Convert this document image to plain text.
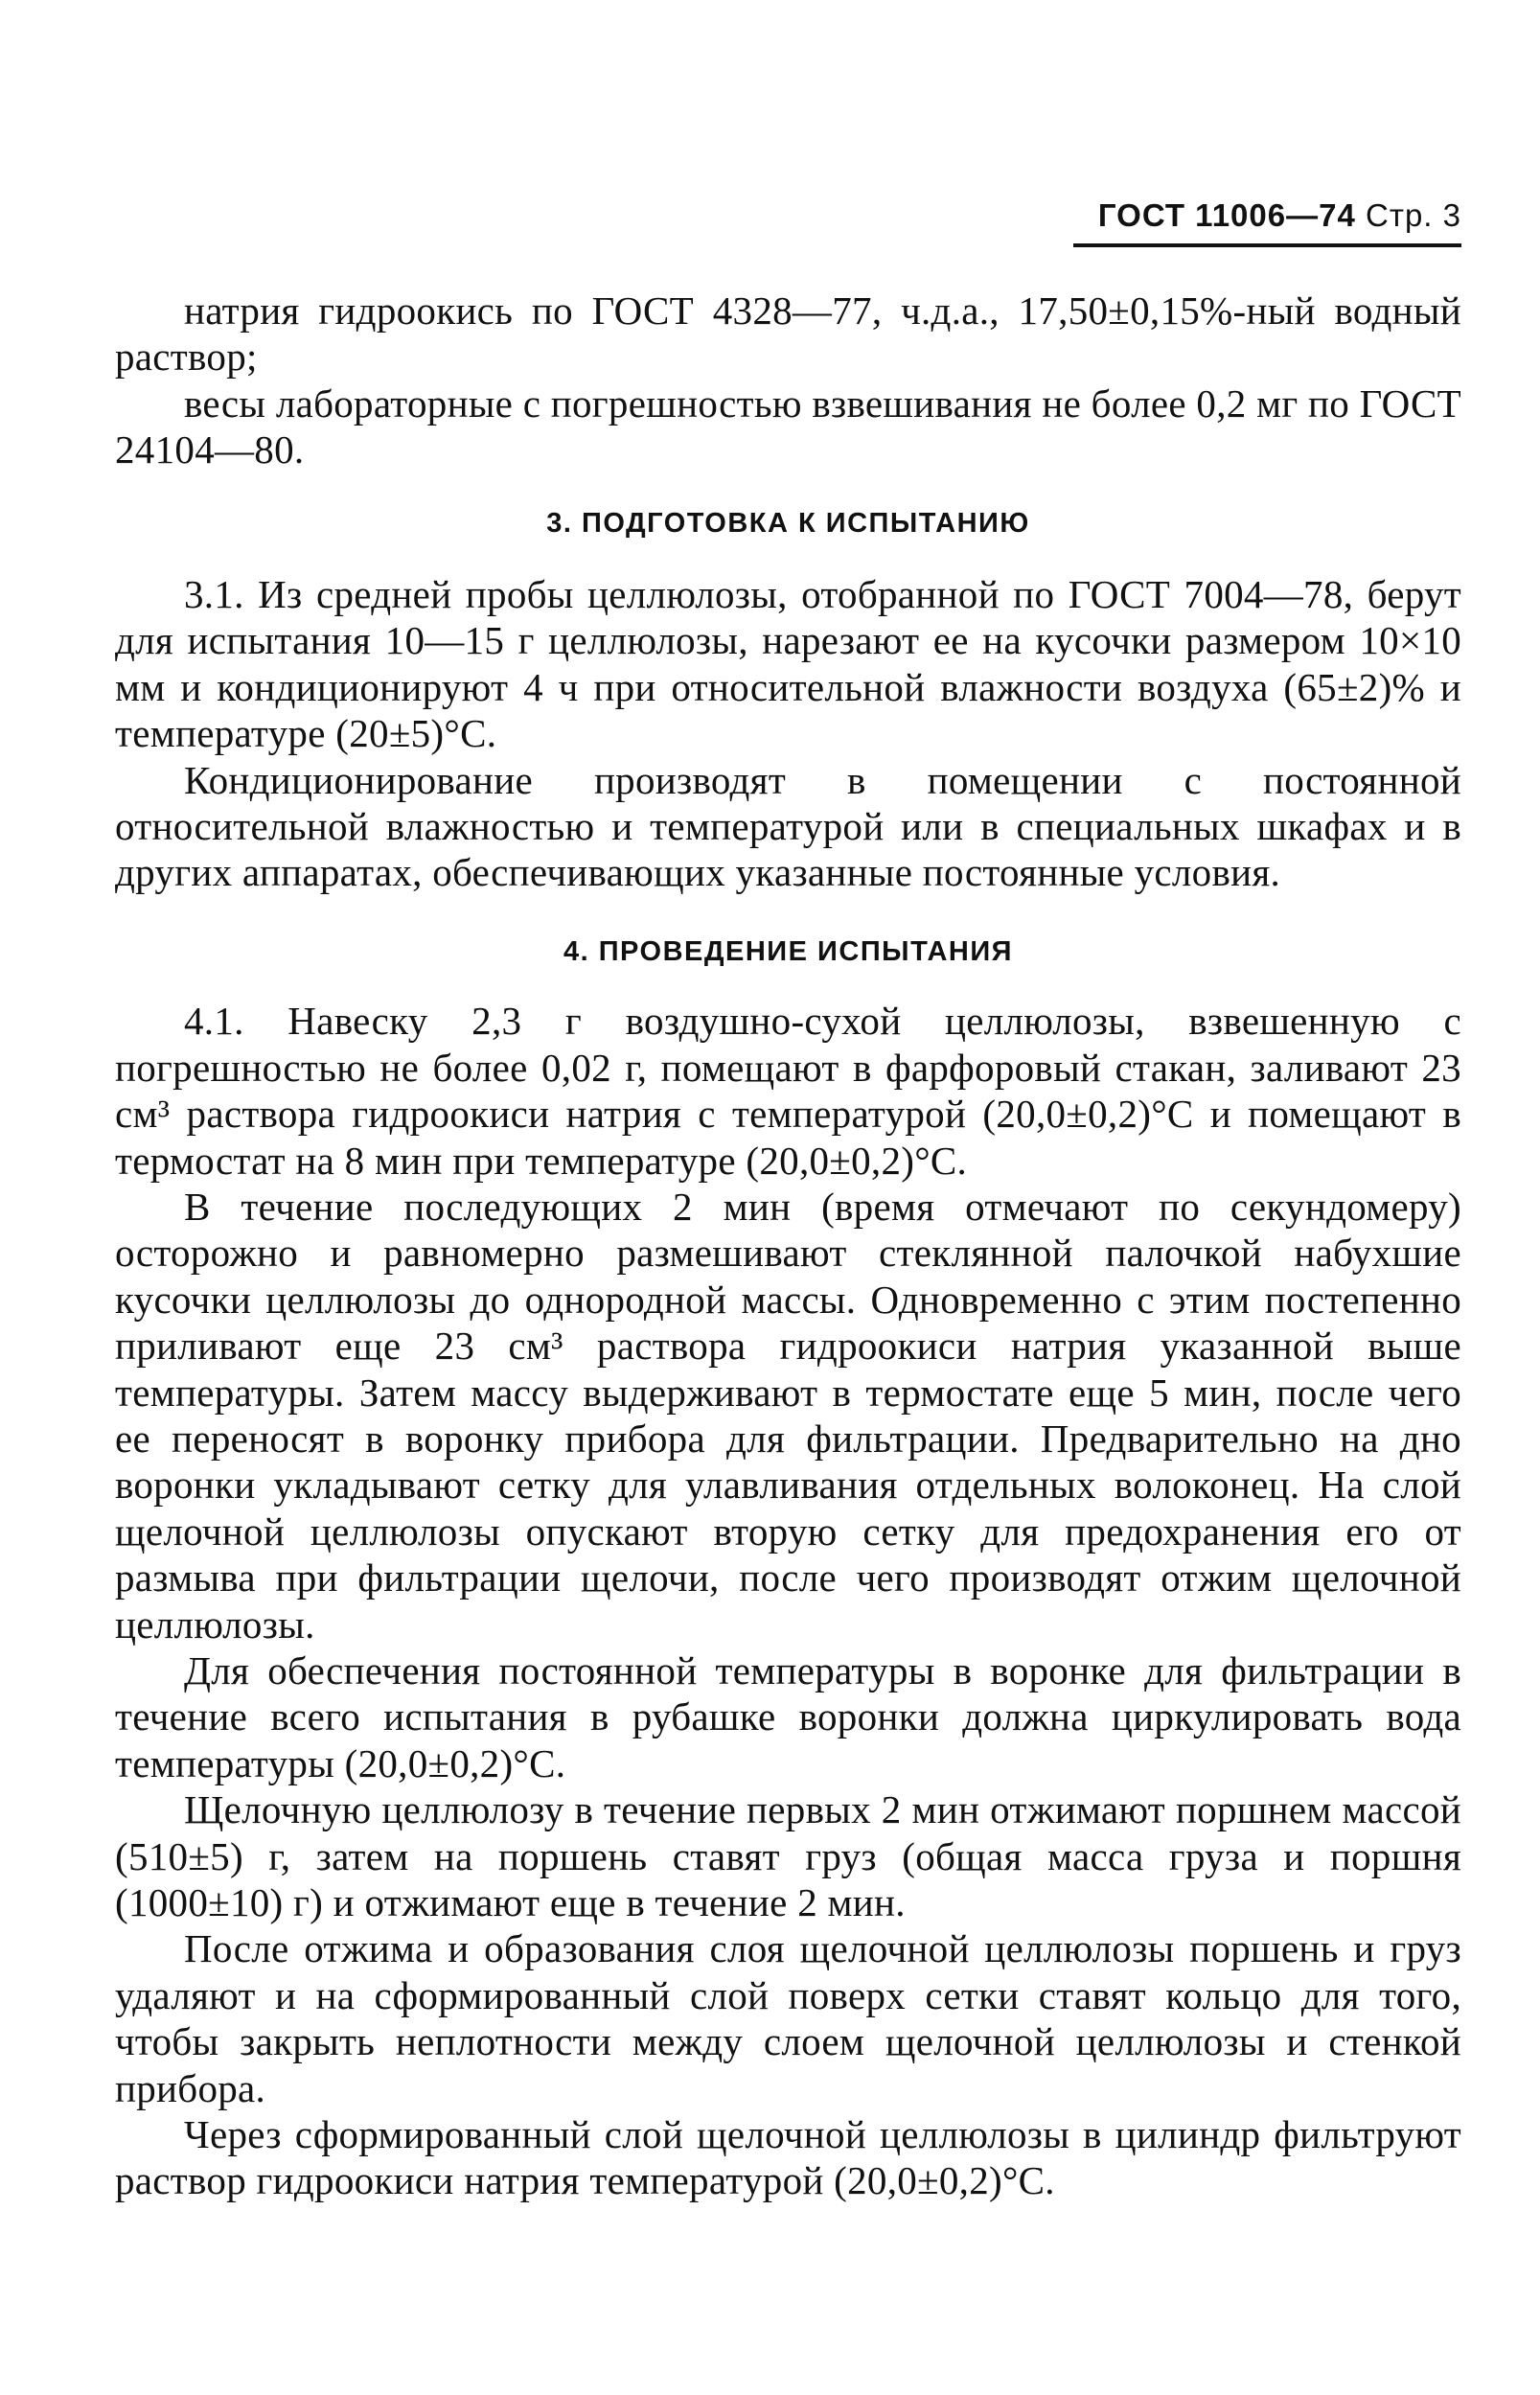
ГОСТ 11006—74 Стр. 3

натрия гидроокись по ГОСТ 4328—77, ч.д.а., 17,50±0,15%-ный водный раствор;

весы лабораторные с погрешностью взвешивания не более 0,2 мг по ГОСТ 24104—80.

3. ПОДГОТОВКА К ИСПЫТАНИЮ

3.1. Из средней пробы целлюлозы, отобранной по ГОСТ 7004—78, берут для испытания 10—15 г целлюлозы, нарезают ее на кусочки размером 10×10 мм и кондиционируют 4 ч при относительной влажности воздуха (65±2)% и температуре (20±5)°С.

Кондиционирование производят в помещении с постоянной относительной влажностью и температурой или в специальных шкафах и в других аппаратах, обеспечивающих указанные постоянные условия.

4. ПРОВЕДЕНИЕ ИСПЫТАНИЯ

4.1. Навеску 2,3 г воздушно-сухой целлюлозы, взвешенную с погрешностью не более 0,02 г, помещают в фарфоровый стакан, заливают 23 см³ раствора гидроокиси натрия с температурой (20,0±0,2)°С и помещают в термостат на 8 мин при температуре (20,0±0,2)°С.

В течение последующих 2 мин (время отмечают по секундомеру) осторожно и равномерно размешивают стеклянной палочкой набухшие кусочки целлюлозы до однородной массы. Одновременно с этим постепенно приливают еще 23 см³ раствора гидроокиси натрия указанной выше температуры. Затем массу выдерживают в термостате еще 5 мин, после чего ее переносят в воронку прибора для фильтрации. Предварительно на дно воронки укладывают сетку для улавливания отдельных волоконец. На слой щелочной целлюлозы опускают вторую сетку для предохранения его от размыва при фильтрации щелочи, после чего производят отжим щелочной целлюлозы.

Для обеспечения постоянной температуры в воронке для фильтрации в течение всего испытания в рубашке воронки должна циркулировать вода температуры (20,0±0,2)°С.

Щелочную целлюлозу в течение первых 2 мин отжимают поршнем массой (510±5) г, затем на поршень ставят груз (общая масса груза и поршня (1000±10) г) и отжимают еще в течение 2 мин.

После отжима и образования слоя щелочной целлюлозы поршень и груз удаляют и на сформированный слой поверх сетки ставят кольцо для того, чтобы закрыть неплотности между слоем щелочной целлюлозы и стенкой прибора.

Через сформированный слой щелочной целлюлозы в цилиндр фильтруют раствор гидроокиси натрия температурой (20,0±0,2)°С.
